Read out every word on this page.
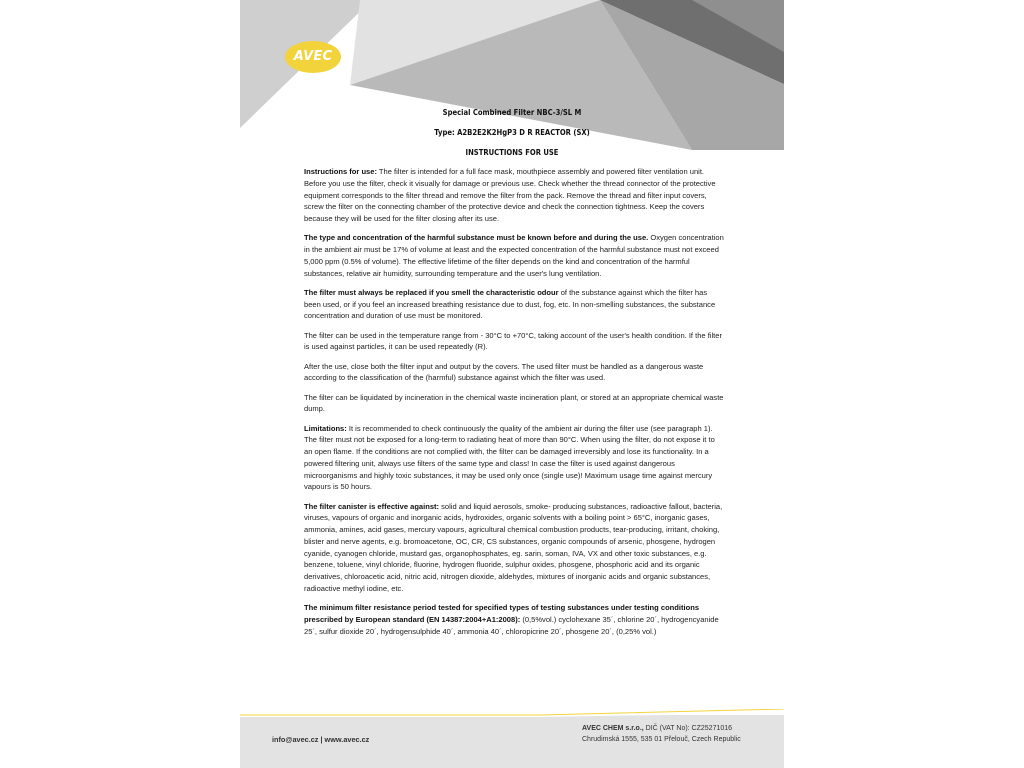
AVEC
Special Combined Filter NBC-3/SL M
Type: A2B2E2K2HgP3 D R REACTOR (SX)
INSTRUCTIONS FOR USE

Instructions for use: The filter is intended for a full face mask, mouthpiece assembly and powered filter ventilation unit. Before you use the filter, check it visually for damage or previous use. Check whether the thread connector of the protective equipment corresponds to the filter thread and remove the filter from the pack. Remove the thread and filter input covers, screw the filter on the connecting chamber of the protective device and check the connection tightness. Keep the covers because they will be used for the filter closing after its use.

The type and concentration of the harmful substance must be known before and during the use. Oxygen concentration in the ambient air must be 17% of volume at least and the expected concentration of the harmful substance must not exceed 5,000 ppm (0.5% of volume). The effective lifetime of the filter depends on the kind and concentration of the harmful substances, relative air humidity, surrounding temperature and the user's lung ventilation.

The filter must always be replaced if you smell the characteristic odour of the substance against which the filter has been used, or if you feel an increased breathing resistance due to dust, fog, etc. In non-smelling substances, the substance concentration and duration of use must be monitored.

The filter can be used in the temperature range from - 30°C to +70°C, taking account of the user's health condition. If the filter is used against particles, it can be used repeatedly (R).

After the use, close both the filter input and output by the covers. The used filter must be handled as a dangerous waste according to the classification of the (harmful) substance against which the filter was used.

The filter can be liquidated by incineration in the chemical waste incineration plant, or stored at an appropriate chemical waste dump.

Limitations: It is recommended to check continuously the quality of the ambient air during the filter use (see paragraph 1). The filter must not be exposed for a long-term to radiating heat of more than 90°C. When using the filter, do not expose it to an open flame. If the conditions are not complied with, the filter can be damaged irreversibly and lose its functionality. In a powered filtering unit, always use filters of the same type and class! In case the filter is used against dangerous microorganisms and highly toxic substances, it may be used only once (single use)! Maximum usage time against mercury vapours is 50 hours.

The filter canister is effective against: solid and liquid aerosols, smoke- producing substances, radioactive fallout, bacteria, viruses, vapours of organic and inorganic acids, hydroxides, organic solvents with a boiling point > 65°C, inorganic gases, ammonia, amines, acid gases, mercury vapours, agricultural chemical combustion products, tear-producing, irritant, choking, blister and nerve agents, e.g. bromoacetone, OC, CR, CS substances, organic compounds of arsenic, phosgene, hydrogen cyanide, cyanogen chloride, mustard gas, organophosphates, eg. sarin, soman, IVA, VX and other toxic substances, e.g. benzene, toluene, vinyl chloride, fluorine, hydrogen fluoride, sulphur oxides, phosgene, phosphoric acid and its organic derivatives, chloroacetic acid, nitric acid, nitrogen dioxide, aldehydes, mixtures of inorganic acids and organic substances, radioactive methyl iodine, etc.

The minimum filter resistance period tested for specified types of testing substances under testing conditions prescribed by European standard (EN 14387:2004+A1:2008): (0,5%vol.) cyclohexane 35´, chlorine 20´, hydrogencyanide 25´, sulfur dioxide 20´, hydrogensulphide 40´, ammonia 40´, chloropicrine 20´, phosgene 20´, (0,25% vol.)

info@avec.cz | www.avec.cz
AVEC CHEM s.r.o., DIČ (VAT No): CZ25271016
Chrudimská 1555, 535 01 Přelouč, Czech Republic
